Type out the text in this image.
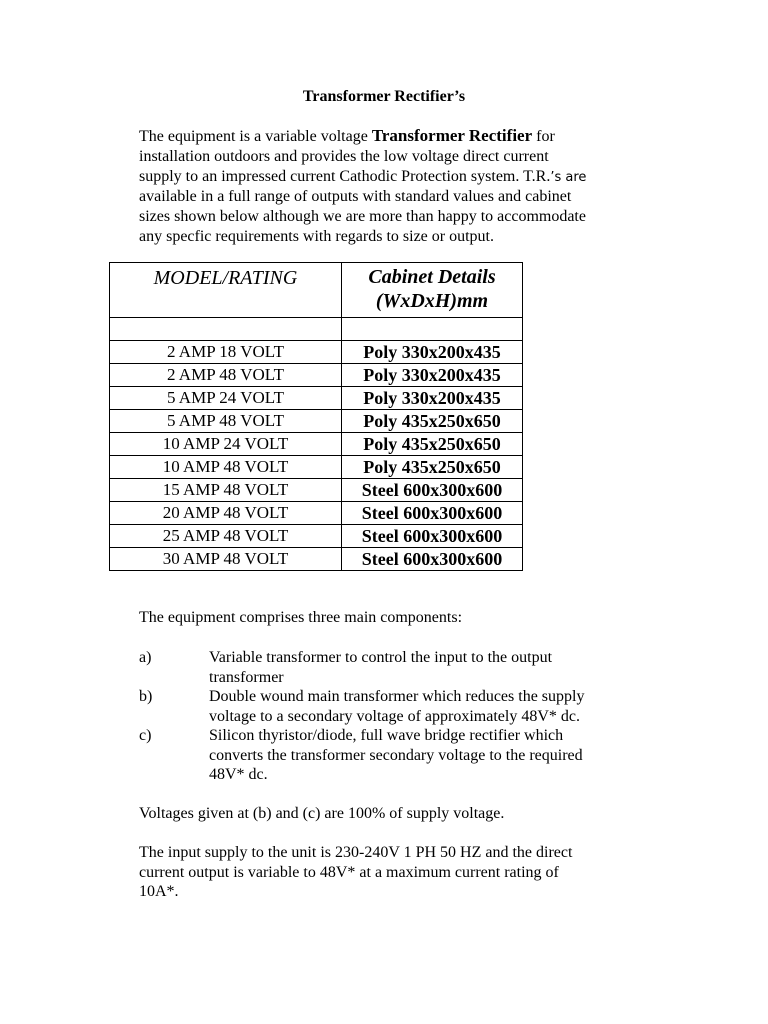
Transformer Rectifier’s
The equipment is a variable voltage Transformer Rectifier for
installation outdoors and provides the low voltage direct current
supply to an impressed current Cathodic Protection system. T.R.’s are
available in a full range of outputs with standard values and cabinet
sizes shown below although we are more than happy to accommodate
any specfic requirements with regards to size or output.
MODEL/RATING	Cabinet Details
(WxDxH)mm

2 AMP 18 VOLT	Poly 330x200x435
2 AMP 48 VOLT	Poly 330x200x435
5 AMP 24 VOLT	Poly 330x200x435
5 AMP 48 VOLT	Poly 435x250x650
10 AMP 24 VOLT	Poly 435x250x650
10 AMP 48 VOLT	Poly 435x250x650
15 AMP 48 VOLT	Steel 600x300x600
20 AMP 48 VOLT	Steel 600x300x600
25 AMP 48 VOLT	Steel 600x300x600
30 AMP 48 VOLT	Steel 600x300x600

The equipment comprises three main components:

a)	Variable transformer to control the input to the output
transformer
b)	Double wound main transformer which reduces the supply
voltage to a secondary voltage of approximately 48V* dc.
c)	Silicon thyristor/diode, full wave bridge rectifier which
converts the transformer secondary voltage to the required
48V* dc.

Voltages given at (b) and (c) are 100% of supply voltage.

The input supply to the unit is 230-240V 1 PH 50 HZ and the direct
current output is variable to 48V* at a maximum current rating of
10A*.
